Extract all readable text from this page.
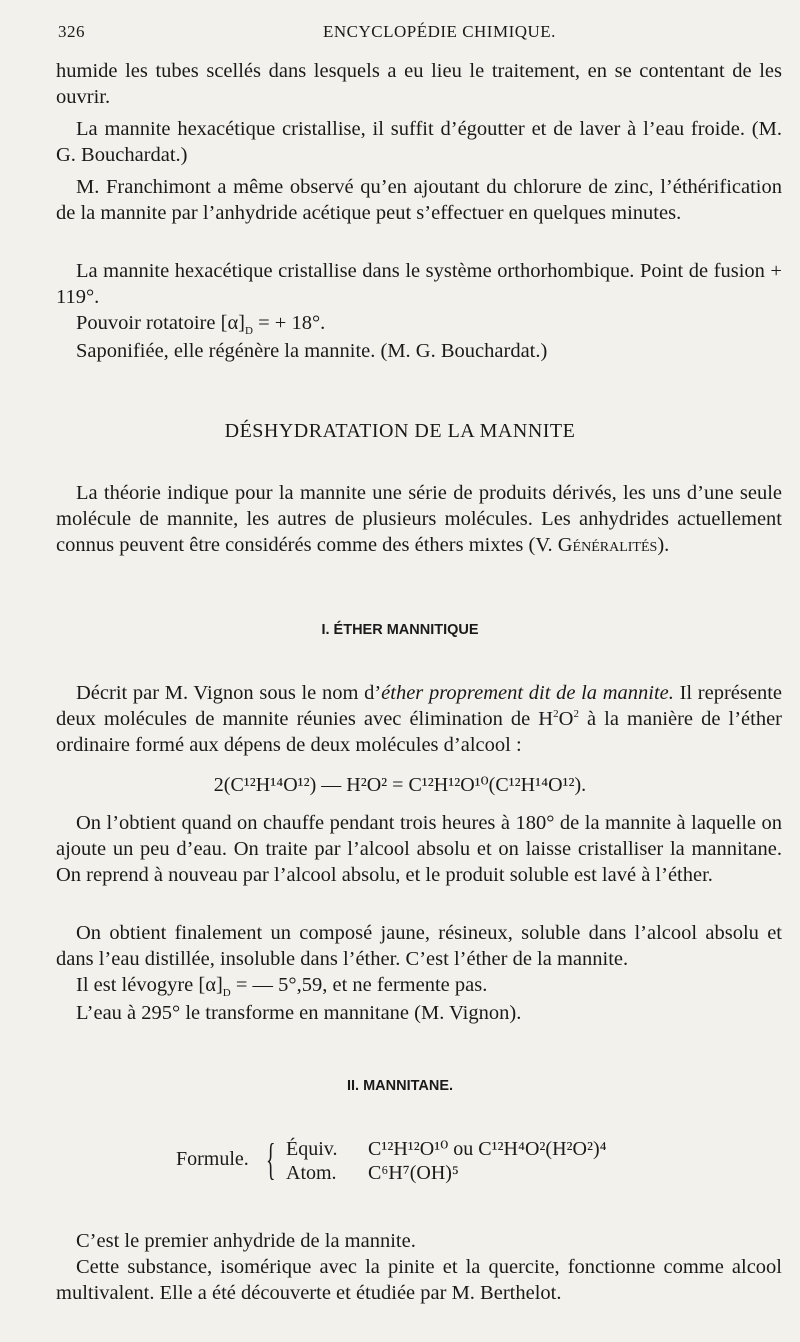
326	ENCYCLOPÉDIE CHIMIQUE.

humide les tubes scellés dans lesquels a eu lieu le traitement, en se contentant de les ouvrir.

La mannite hexacétique cristallise, il suffit d’égoutter et de laver à l’eau froide. (M. G. Bouchardat.)

M. Franchimont a même observé qu’en ajoutant du chlorure de zinc, l’éthérification de la mannite par l’anhydride acétique peut s’effectuer en quelques minutes.

La mannite hexacétique cristallise dans le système orthorhombique. Point de fusion + 119°.

Pouvoir rotatoire $[\alpha]_D$ = + 18°.

Saponifiée, elle régénère la mannite. (M. G. Bouchardat.)

DÉSHYDRATATION DE LA MANNITE

La théorie indique pour la mannite une série de produits dérivés, les uns d’une seule molécule de mannite, les autres de plusieurs molécules. Les anhydrides actuellement connus peuvent être considérés comme des éthers mixtes (V. Généralités).

I. ÉTHER MANNITIQUE

Décrit par M. Vignon sous le nom d’éther proprement dit de la mannite. Il représente deux molécules de mannite réunies avec élimination de $H^2O^2$ à la manière de l’éther ordinaire formé aux dépens de deux molécules d’alcool :

2(C¹²H¹⁴O¹²) — H²O² = C¹²H¹²O¹⁰(C¹²H¹⁴O¹²).

On l’obtient quand on chauffe pendant trois heures à 180° de la mannite à laquelle on ajoute un peu d’eau. On traite par l’alcool absolu et on laisse cristalliser la mannitane. On reprend à nouveau par l’alcool absolu, et le produit soluble est lavé à l’éther.

On obtient finalement un composé jaune, résineux, soluble dans l’alcool absolu et dans l’eau distillée, insoluble dans l’éther. C’est l’éther de la mannite.

Il est lévogyre $[\alpha]_D$ = — 5°,59, et ne fermente pas.

L’eau à 295° le transforme en mannitane (M. Vignon).

II. MANNITANE.
Formule. { Équiv. C¹²H¹²O¹⁰ ou C¹²H⁴O²(H²O²)⁴
Atom. C⁶H⁷(OH)⁵

C’est le premier anhydride de la mannite.

Cette substance, isomérique avec la pinite et la quercite, fonctionne comme alcool multivalent. Elle a été découverte et étudiée par M. Berthelot.
